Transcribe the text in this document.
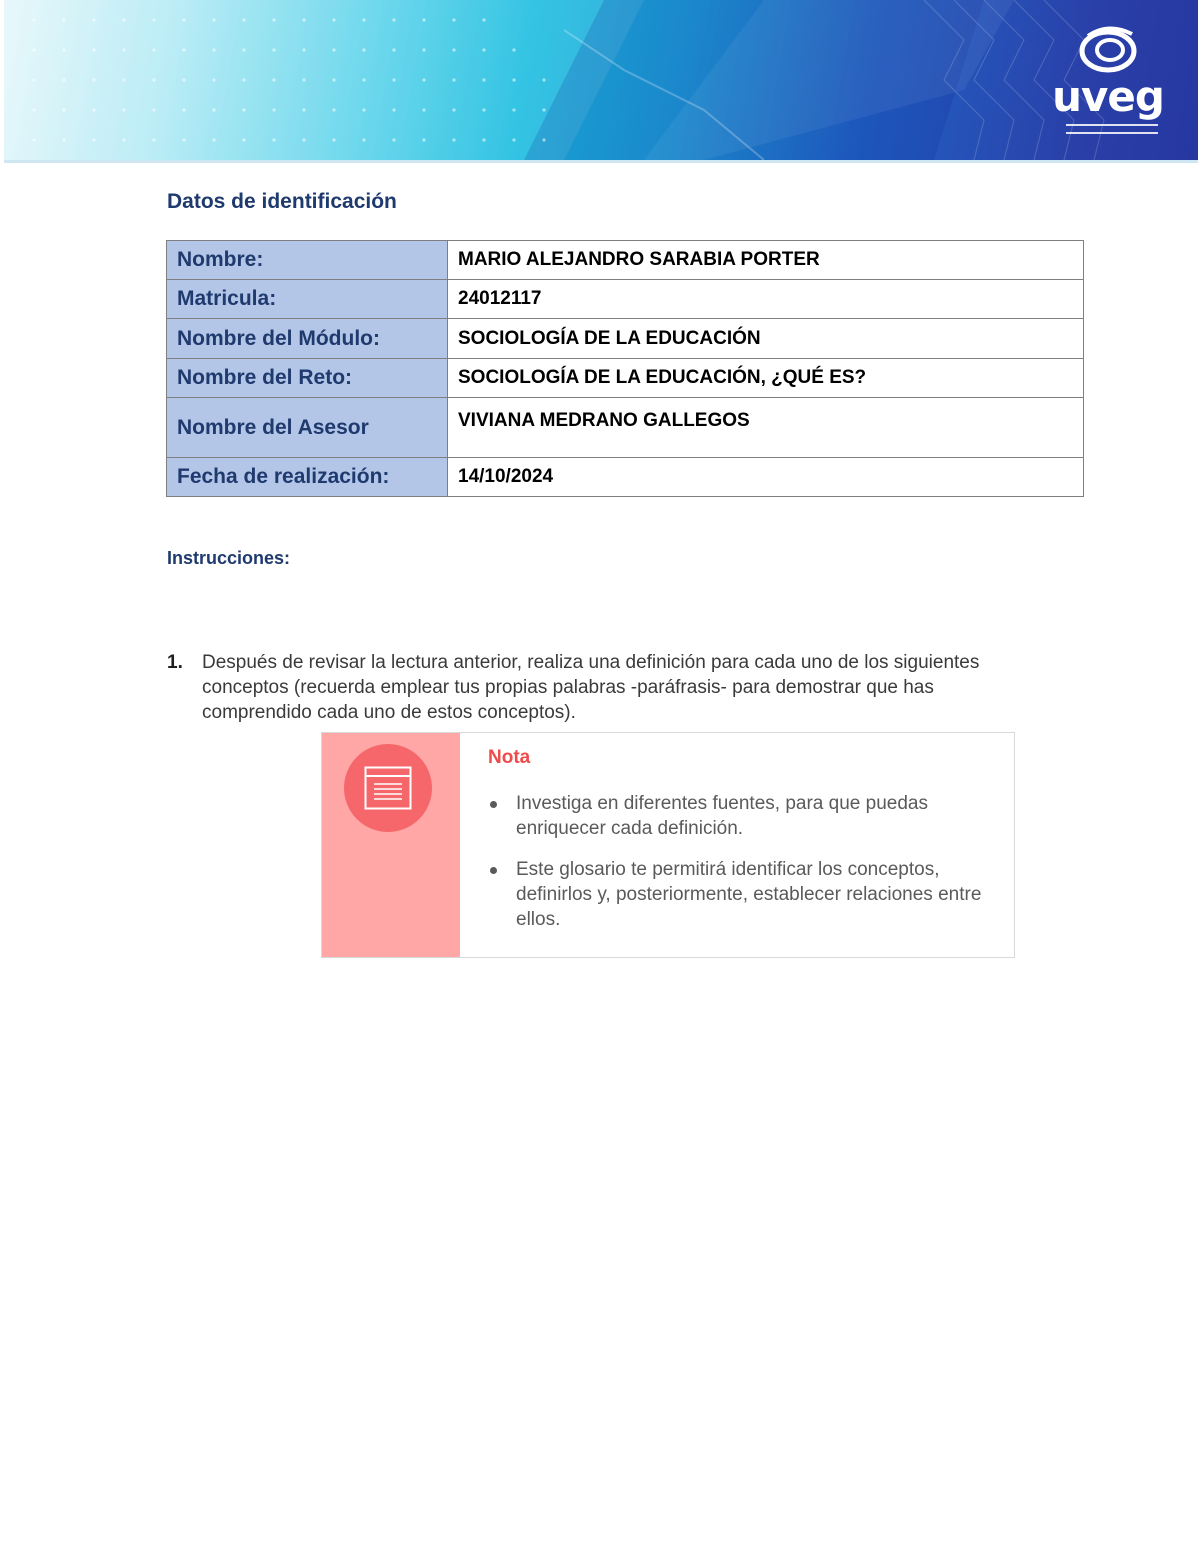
uveg
Datos de identificación
Nombre:	MARIO ALEJANDRO SARABIA PORTER
Matricula:	24012117
Nombre del Módulo:	SOCIOLOGÍA DE LA EDUCACIÓN
Nombre del Reto:	SOCIOLOGÍA DE LA EDUCACIÓN, ¿QUÉ ES?
Nombre del Asesor	VIVIANA MEDRANO GALLEGOS
Fecha de realización:	14/10/2024
Instrucciones:
1. Después de revisar la lectura anterior, realiza una definición para cada uno de los siguientes conceptos (recuerda emplear tus propias palabras -paráfrasis- para demostrar que has comprendido cada uno de estos conceptos).
Nota
Investiga en diferentes fuentes, para que puedas enriquecer cada definición.
Este glosario te permitirá identificar los conceptos, definirlos y, posteriormente, establecer relaciones entre ellos.
